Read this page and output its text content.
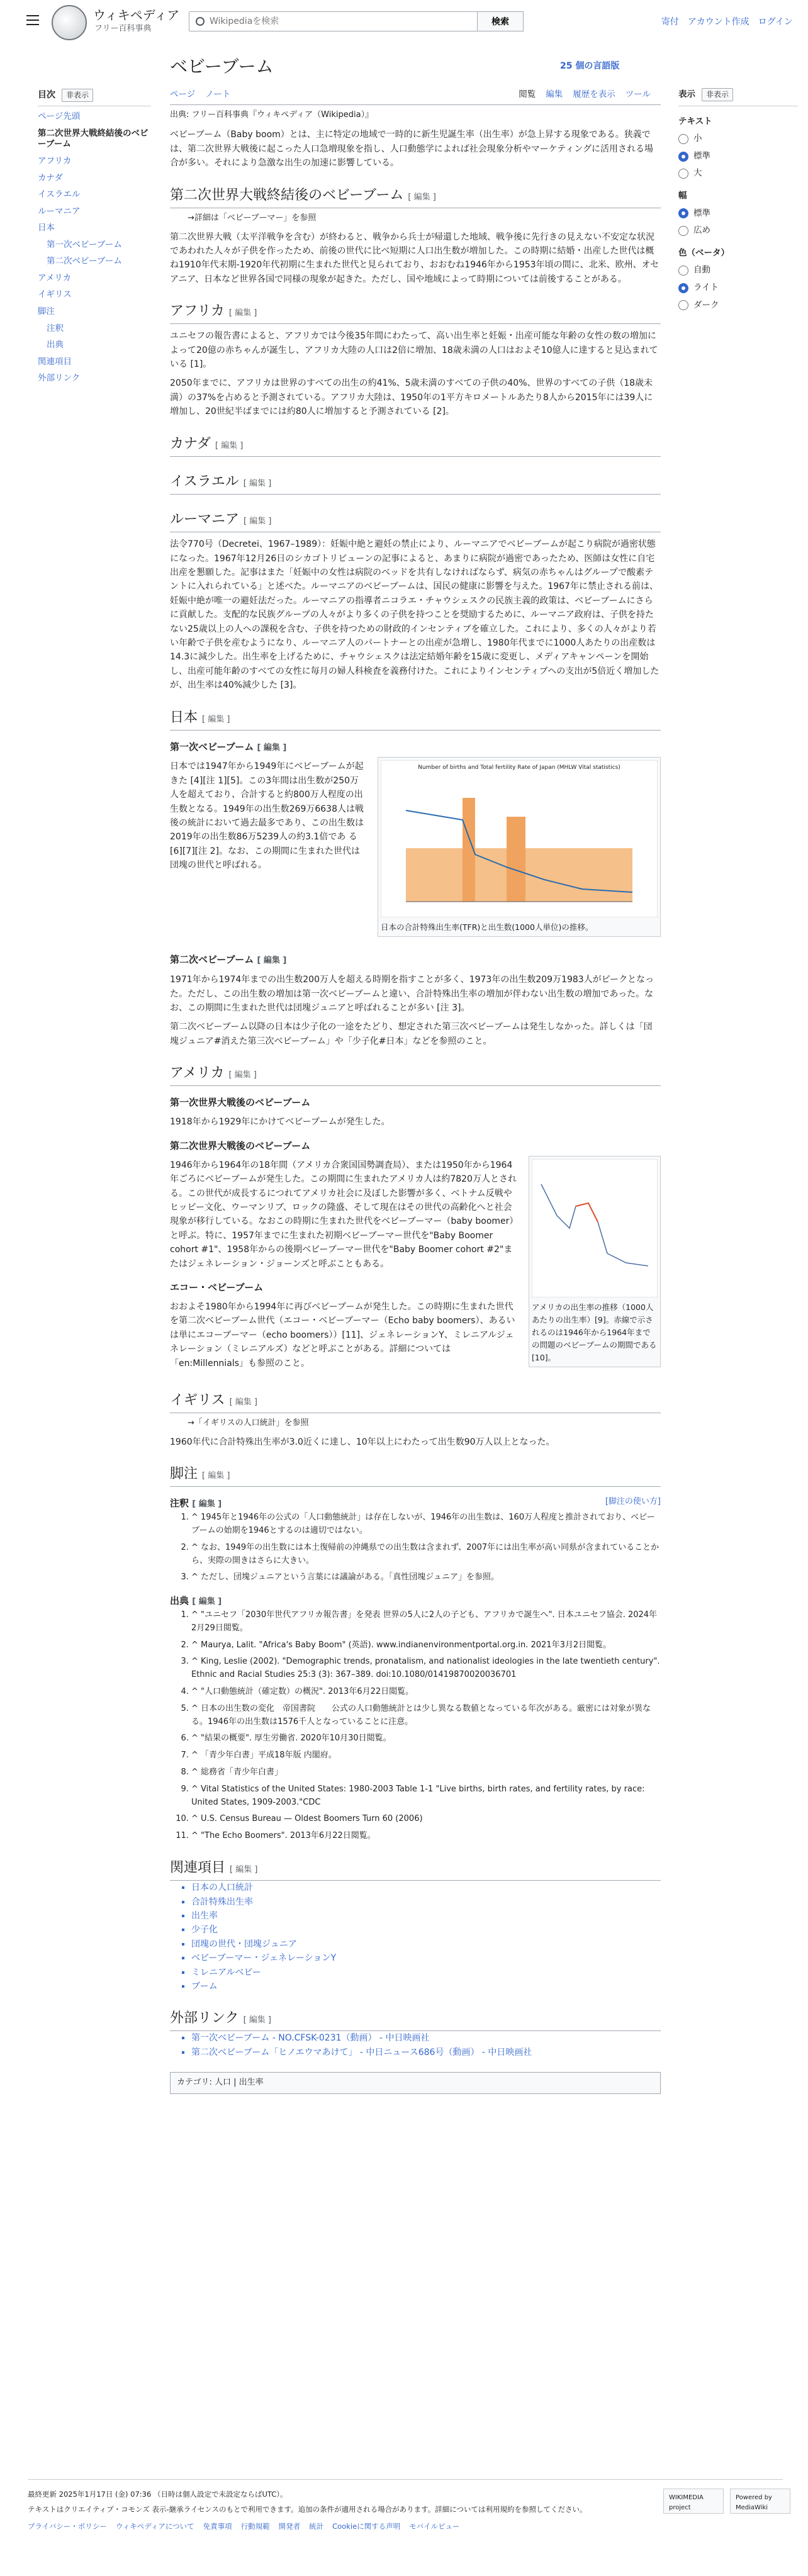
ウィキペディア
フリー百科事典
Wikipediaを検索
検索	寄付 アカウント作成 ログイン
目次	非表示
ページ先頭
第二次世界大戦終結後のベビーブーム
アフリカ
カナダ
イスラエル
ルーマニア
日本
第一次ベビーブーム
第二次ベビーブーム
アメリカ
イギリス
脚注
注釈
出典
関連項目
外部リンク
表示	非表示
テキスト
小
標準
大
幅
標準
広め
色（ベータ）
自動
ライト
ダーク
ベビーブーム	25 個の言語版
ページ ノート	閲覧 編集 履歴を表示 ツール
出典: フリー百科事典『ウィキペディア（Wikipedia）』

ベビーブーム（Baby boom）とは、主に特定の地域で一時的に新生児誕生率（出生率）が急上昇する現象である。狭義では、第二次世界大戦後に起こった人口急増現象を指し、人口動態学によれば社会現象分析やマーケティングに活用される場合が多い。それにより急激な出生の加速に影響している。

第二次世界大戦終結後のベビーブーム [ 編集 ]
→詳細は「ベビーブーマー」を参照

第二次世界大戦（太平洋戦争を含む）が終わると、戦争から兵士が帰還した地域、戦争後に先行きの見えない不安定な状況であわれた人々が子供を作ったため、前後の世代に比べ短期に人口出生数が増加した。この時期に結婚・出産した世代は概ね1910年代末期-1920年代初期に生まれた世代と見られており、おおむね1946年から1953年頃の間に、北米、欧州、オセアニア、日本など世界各国で同様の現象が起きた。ただし、国や地域によって時期については前後することがある。

アフリカ [ 編集 ]

ユニセフの報告書によると、アフリカでは今後35年間にわたって、高い出生率と妊娠・出産可能な年齢の女性の数の増加によって20億の赤ちゃんが誕生し、アフリカ大陸の人口は2倍に増加、18歳未満の人口はおよそ10億人に達すると見込まれている [1]。

2050年までに、アフリカは世界のすべての出生の約41%、5歳未満のすべての子供の40%、世界のすべての子供（18歳未満）の37%を占めると予測されている。アフリカ大陸は、1950年の1平方キロメートルあたり8人から2015年には39人に増加し、20世紀半ばまでには約80人に増加すると予測されている [2]。

カナダ [ 編集 ]
イスラエル [ 編集 ]
ルーマニア [ 編集 ]

法令770号（Decretei、1967–1989）：妊娠中絶と避妊の禁止により、ルーマニアでベビーブームが起こり病院が過密状態になった。1967年12月26日のシカゴトリビューンの記事によると、あまりに病院が過密であったため、医師は女性に自宅出産を懇願した。記事はまた「妊娠中の女性は病院のベッドを共有しなければならず、病気の赤ちゃんはグループで酸素テントに入れられている」と述べた。ルーマニアのベビーブームは、国民の健康に影響を与えた。1967年に禁止される前は、妊娠中絶が唯一の避妊法だった。ルーマニアの指導者ニコラエ・チャウシェスクの民族主義的政策は、ベビーブームにさらに貢献した。支配的な民族グループの人々がより多くの子供を持つことを奨励するために、ルーマニア政府は、子供を持たない25歳以上の人への課税を含む、子供を持つための財政的インセンティブを確立した。これにより、多くの人々がより若い年齢で子供を産むようになり、ルーマニア人のパートナーとの出産が急増し、1980年代までに1000人あたりの出産数は14.3に減少した。出生率を上げるために、チャウシェスクは法定結婚年齢を15歳に変更し、メディアキャンペーンを開始し、出産可能年齢のすべての女性に毎月の婦人科検査を義務付けた。これによりインセンティブへの支出が5倍近く増加したが、出生率は40%減少した [3]。

日本 [ 編集 ]
第一次ベビーブーム [ 編集 ]
Number of births and Total fertility Rate of Japan (MHLW Vital statistics)
日本の合計特殊出生率(TFR)と出生数(1000人単位)の推移。

日本では1947年から1949年にベビーブームが起きた [4][注 1][5]。この3年間は出生数が250万人を超えており、合計すると約800万人程度の出生数となる。1949年の出生数269万6638人は戦後の統計において過去最多であり、この出生数は2019年の出生数86万5239人の約3.1倍であ る [6][7][注 2]。なお、この期間に生まれた世代は団塊の世代と呼ばれる。

第二次ベビーブーム [ 編集 ]

1971年から1974年までの出生数200万人を超える時期を指すことが多く、1973年の出生数209万1983人がピークとなった。ただし、この出生数の増加は第一次ベビーブームと違い、合計特殊出生率の増加が伴わない出生数の増加であった。なお、この期間に生まれた世代は団塊ジュニアと呼ばれることが多い [注 3]。

第二次ベビーブーム以降の日本は少子化の一途をたどり、想定された第三次ベビーブームは発生しなかった。詳しくは「団塊ジュニア#消えた第三次ベビーブーム」や「少子化#日本」などを参照のこと。

アメリカ [ 編集 ]
第一次世界大戦後のベビーブーム

1918年から1929年にかけてベビーブームが発生した。

第二次世界大戦後のベビーブーム
アメリカの出生率の推移（1000人あたりの出生率）[9]。赤線で示されるのは1946年から1964年までの問題のベビーブームの期間である [10]。

1946年から1964年の18年間（アメリカ合衆国国勢調査局）、または1950年から1964年ごろにベビーブームが発生した。この期間に生まれたアメリカ人は約7820万人とされる。この世代が成長するにつれてアメリカ社会に及ぼした影響が多く、ベトナム反戦やヒッピー文化、ウーマンリブ、ロックの隆盛、そして現在はその世代の高齢化へと社会現象が移行している。なおこの時期に生まれた世代をベビーブーマー（baby boomer）と呼ぶ。特に、1957年までに生まれた初期ベビーブーマー世代を"Baby Boomer cohort #1"、1958年からの後期ベビーブーマー世代を"Baby Boomer cohort #2"またはジェネレーション・ジョーンズと呼ぶこともある。

エコー・ベビーブーム

おおよそ1980年から1994年に再びベビーブームが発生した。この時期に生まれた世代を第二次ベビーブーム世代（エコー・ベビーブーマー（Echo baby boomers）、あるいは単にエコーブーマー（echo boomers））[11]、ジェネレーションY、ミレニアルジェネレーション（ミレニアルズ）などと呼ぶことがある。詳細については「en:Millennials」も参照のこと。

イギリス [ 編集 ]
→「イギリスの人口統計」を参照

1960年代に合計特殊出生率が3.0近くに達し、10年以上にわたって出生数90万人以上となった。

脚注 [ 編集 ]
注釈 [ 編集 ]	[脚注の使い方]
1. ^ 1945年と1946年の公式の「人口動態統計」は存在しないが、1946年の出生数は、160万人程度と推計されており、ベビーブームの始期を1946とするのは適切ではない。
2. ^ なお、1949年の出生数には本土復帰前の沖縄県での出生数は含まれず、2007年には出生率が高い同県が含まれていることから、実際の開きはさらに大きい。
3. ^ ただし、団塊ジュニアという言葉には議論がある。「真性団塊ジュニア」を参照。
出典 [ 編集 ]
1. ^ "ユニセフ「2030年世代アフリカ報告書」を発表 世界の5人に2人の子ども、アフリカで誕生へ". 日本ユニセフ協会. 2024年2月29日閲覧。
2. ^ Maurya, Lalit. "Africa's Baby Boom" (英語). www.indianenvironmentportal.org.in. 2021年3月2日閲覧。
3. ^ King, Leslie (2002). "Demographic trends, pronatalism, and nationalist ideologies in the late twentieth century". Ethnic and Racial Studies 25:3 (3): 367–389. doi:10.1080/01419870020036701
4. ^ "人口動態統計（確定数）の概況". 2013年6月22日閲覧。
5. ^ 日本の出生数の変化　帝国書院　　公式の人口動態統計とは少し異なる数値となっている年次がある。厳密には対象が異なる。1946年の出生数は1576千人となっていることに注意。
6. ^ "結果の概要". 厚生労働省. 2020年10月30日閲覧。
7. ^ 「青少年白書」平成18年版 内閣府。
8. ^ 総務省「青少年白書」
9. ^ Vital Statistics of the United States: 1980-2003 Table 1-1 "Live births, birth rates, and fertility rates, by race: United States, 1909-2003."CDC
10. ^ U.S. Census Bureau — Oldest Boomers Turn 60 (2006)
11. ^ "The Echo Boomers". 2013年6月22日閲覧。
関連項目 [ 編集 ]
▪ 日本の人口統計
▪ 合計特殊出生率
▪ 出生率
▪ 少子化
▪ 団塊の世代・団塊ジュニア
▪ ベビーブーマー・ジェネレーションY
▪ ミレニアルベビー
▪ ブーム
外部リンク [ 編集 ]
▪ 第一次ベビーブーム - NO.CFSK-0231（動画） - 中日映画社
▪ 第二次ベビーブーム「ヒノエウマあけて」 - 中日ニュース686号（動画） - 中日映画社
カテゴリ: 人口 | 出生率
最終更新 2025年1月17日 (金) 07:36 （日時は個人設定で未設定ならばUTC）。
テキストはクリエイティブ・コモンズ 表示-継承ライセンスのもとで利用できます。追加の条件が適用される場合があります。詳細については利用規約を参照してください。
プライバシー・ポリシー ウィキペディアについて 免責事項 行動規範 開発者 統計 Cookieに関する声明 モバイルビュー
WIKIMEDIA project
Powered by MediaWiki
